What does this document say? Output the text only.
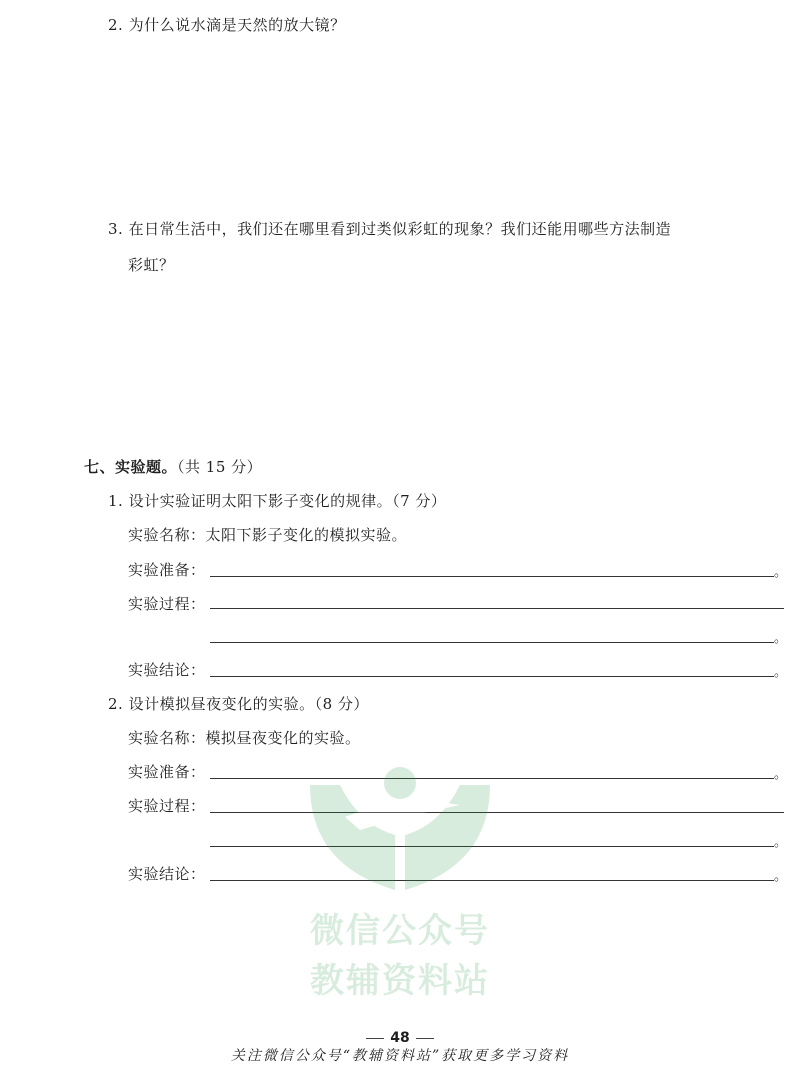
2. 为什么说水滴是天然的放大镜？
3. 在日常生活中，我们还在哪里看到过类似彩虹的现象？我们还能用哪些方法制造
彩虹？
七、实验题。（共 15 分）
1. 设计实验证明太阳下影子变化的规律。（7 分）
实验名称：太阳下影子变化的模拟实验。
实验准备：	。
实验过程：
。
实验结论：	。
2. 设计模拟昼夜变化的实验。（8 分）
实验名称：模拟昼夜变化的实验。
实验准备：	。
实验过程：
。
实验结论：	。
微信公众号
教辅资料站
48
关注微信公众号“教辅资料站”获取更多学习资料
